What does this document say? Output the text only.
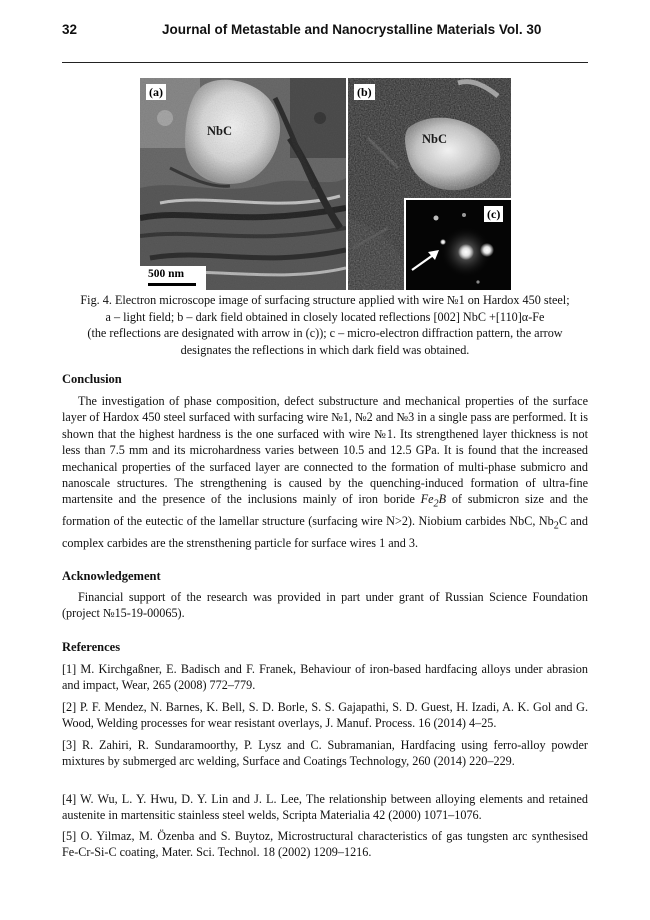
32	Journal of Metastable and Nanocrystalline Materials Vol. 30
(a)
NbC
500 nm
(b)
NbC
(c)

Fig. 4. Electron microscope image of surfacing structure applied with wire №1 on Hardox 450 steel;

a – light field; b – dark field obtained in closely located reflections [002] NbC +[110]α-Fe

(the reflections are designated with arrow in (c)); c – micro-electron diffraction pattern, the arrow

designates the reflections in which dark field was obtained.

Conclusion

The investigation of phase composition, defect substructure and mechanical properties of the surface layer of Hardox 450 steel surfaced with surfacing wire №1, №2 and №3 in a single pass are performed. It is shown that the highest hardness is the one surfaced with wire №1. Its strengthened layer thickness is not less than 7.5 mm and its microhardness varies between 10.5 and 12.5 GPa. It is found that the increased mechanical properties of the surfaced layer are connected to the formation of multi-phase submicro and nanoscale structures. The strengthening is caused by the quenching-induced formation of ultra-fine martensite and the presence of the inclusions mainly of iron boride $Fe_2B$ of submicron size and the formation of the eutectic of the lamellar structure (surfacing wire N>2). Niobium carbides NbC, $Nb_2C$ and complex carbides are the strensthening particle for surface wires 1 and 3.

Acknowledgement

Financial support of the research was provided in part under grant of Russian Science Foundation (project №15-19-00065).

References

[1] M. Kirchgaßner, E. Badisch and F. Franek, Behaviour of iron-based hardfacing alloys under abrasion and impact, Wear, 265 (2008) 772–779.

[2] P. F. Mendez, N. Barnes, K. Bell, S. D. Borle, S. S. Gajapathi, S. D. Guest, H. Izadi, A. K. Gol and G. Wood, Welding processes for wear resistant overlays, J. Manuf. Process. 16 (2014) 4–25.

[3] R. Zahiri, R. Sundaramoorthy, P. Lysz and C. Subramanian, Hardfacing using ferro-alloy powder mixtures by submerged arc welding, Surface and Coatings Technology, 260 (2014) 220–229.

[4] W. Wu, L. Y. Hwu, D. Y. Lin and J. L. Lee, The relationship between alloying elements and retained austenite in martensitic stainless steel welds, Scripta Materialia 42 (2000) 1071–1076.

[5] O. Yilmaz, M. Özenba and S. Buytoz, Microstructural characteristics of gas tungsten arc synthesised Fe-Cr-Si-C coating, Mater. Sci. Technol. 18 (2002) 1209–1216.
